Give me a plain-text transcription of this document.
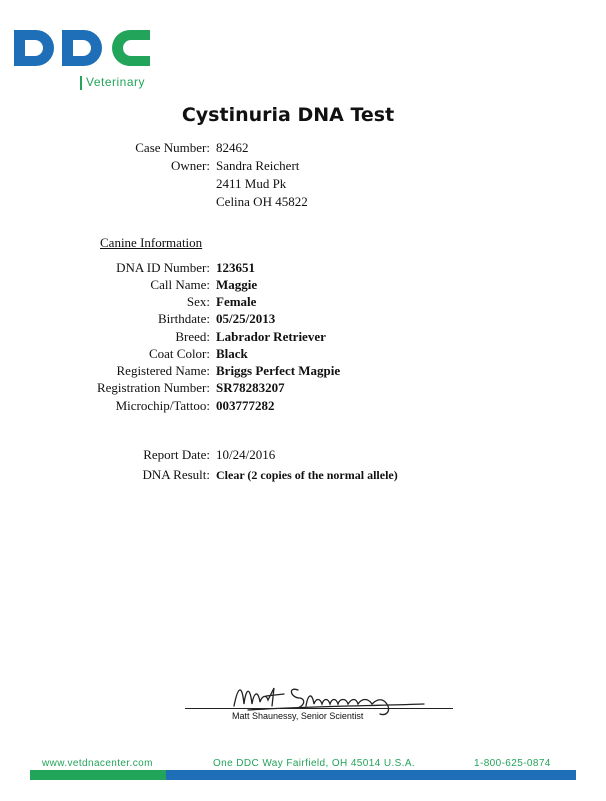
Veterinary
Cystinuria DNA Test
Case Number: 82462
Owner: Sandra Reichert
2411 Mud Pk
Celina OH 45822
Canine Information
DNA ID Number: 123651
Call Name: Maggie
Sex: Female
Birthdate: 05/25/2013
Breed: Labrador Retriever
Coat Color: Black
Registered Name: Briggs Perfect Magpie
Registration Number: SR78283207
Microchip/Tattoo: 003777282
Report Date: 10/24/2016
DNA Result: Clear (2 copies of the normal allele)
Matt Shaunessy, Senior Scientist
www.vetdnacenter.com	One DDC Way Fairfield, OH 45014 U.S.A.	1-800-625-0874
